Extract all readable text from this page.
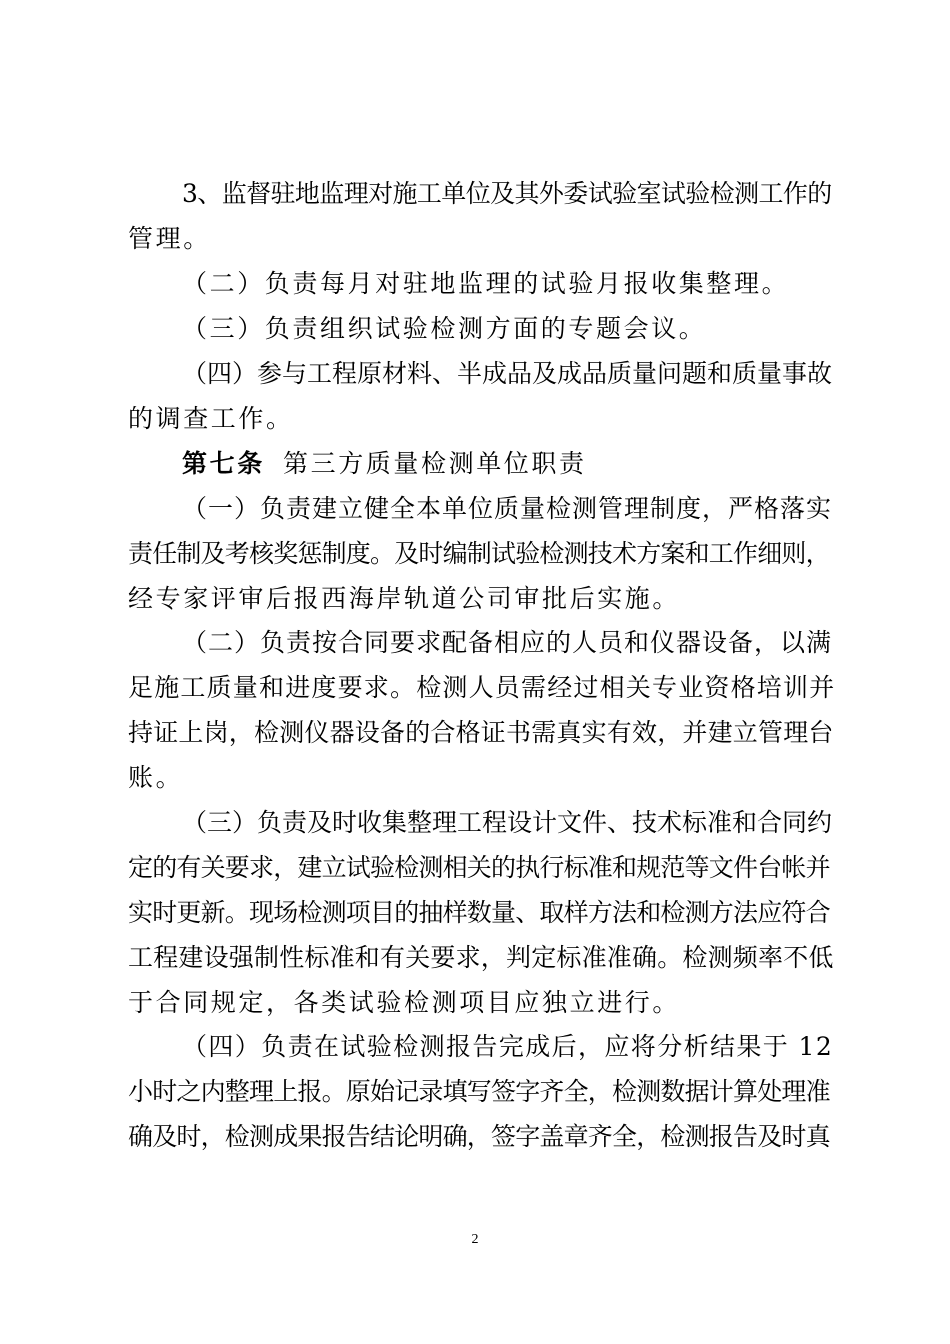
3、监督驻地监理对施工单位及其外委试验室试验检测工作的
管理。
（二）负责每月对驻地监理的试验月报收集整理。
（三）负责组织试验检测方面的专题会议。
（四）参与工程原材料、半成品及成品质量问题和质量事故
的调查工作。
第七条 第三方质量检测单位职责
（一）负责建立健全本单位质量检测管理制度，严格落实
责任制及考核奖惩制度。及时编制试验检测技术方案和工作细则，
经专家评审后报西海岸轨道公司审批后实施。
（二）负责按合同要求配备相应的人员和仪器设备，以满
足施工质量和进度要求。检测人员需经过相关专业资格培训并
持证上岗，检测仪器设备的合格证书需真实有效，并建立管理台
账。
（三）负责及时收集整理工程设计文件、技术标准和合同约
定的有关要求，建立试验检测相关的执行标准和规范等文件台帐并
实时更新。现场检测项目的抽样数量、取样方法和检测方法应符合
工程建设强制性标准和有关要求，判定标准准确。检测频率不低
于合同规定，各类试验检测项目应独立进行。
（四）负责在试验检测报告完成后，应将分析结果于 12
小时之内整理上报。原始记录填写签字齐全，检测数据计算处理准
确及时，检测成果报告结论明确，签字盖章齐全，检测报告及时真
2
